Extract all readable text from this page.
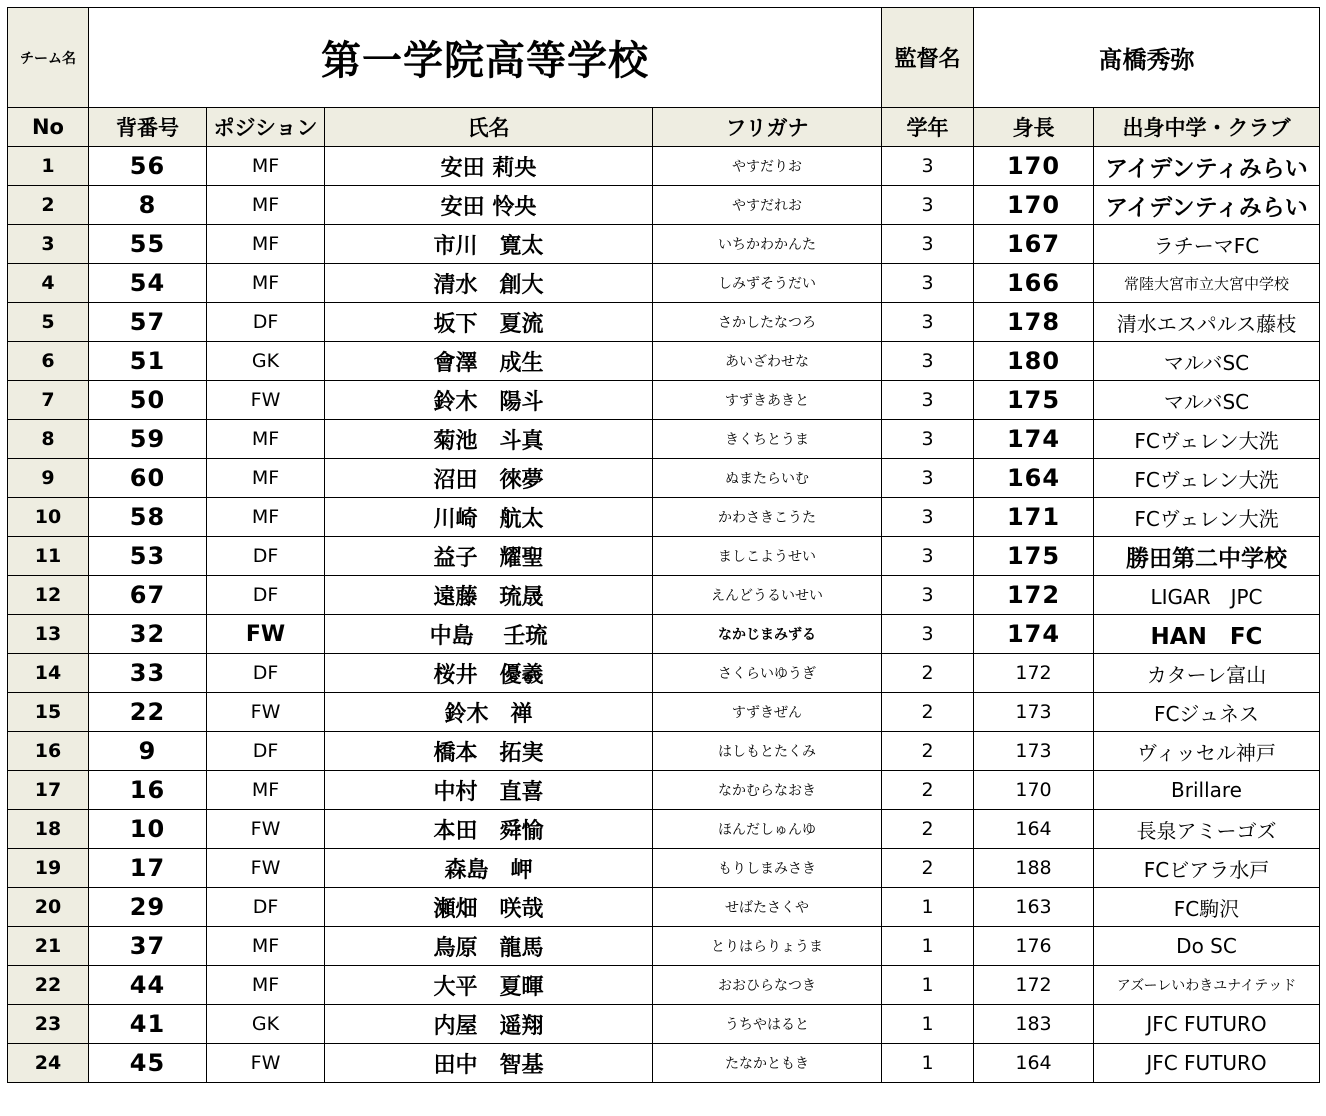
チーム名	第一学院高等学校				監督名	髙橋秀弥	
No	背番号	ポジション	氏名	フリガナ	学年	身長	出身中学・クラブ
1	56	MF	安田 莉央	やすだりお	3	170	アイデンティみらい
2	8	MF	安田 怜央	やすだれお	3	170	アイデンティみらい
3	55	MF	市川　寛太	いちかわかんた	3	167	ラチーマFC
4	54	MF	清水　創大	しみずそうだい	3	166	常陸大宮市立大宮中学校
5	57	DF	坂下　夏流	さかしたなつろ	3	178	清水エスパルス藤枝
6	51	GK	會澤　成生	あいざわせな	3	180	マルバSC
7	50	FW	鈴木　陽斗	すずきあきと	3	175	マルバSC
8	59	MF	菊池　斗真	きくちとうま	3	174	FCヴェレン大洗
9	60	MF	沼田　徠夢	ぬまたらいむ	3	164	FCヴェレン大洗
10	58	MF	川崎　航太	かわさきこうた	3	171	FCヴェレン大洗
11	53	DF	益子　耀聖	ましこようせい	3	175	勝田第二中学校
12	67	DF	遠藤　琉晟	えんどうるいせい	3	172	LIGAR　JPC
13	32	FW	中島　 壬琉	なかじまみずる	3	174	HAN　FC
14	33	DF	桜井　優羲	さくらいゆうぎ	2	172	カターレ富山
15	22	FW	鈴木　禅	すずきぜん	2	173	FCジュネス
16	9	DF	橋本　拓実	はしもとたくみ	2	173	ヴィッセル神戸
17	16	MF	中村　直喜	なかむらなおき	2	170	Brillare
18	10	FW	本田　舜愉	ほんだしゅんゆ	2	164	長泉アミーゴズ
19	17	FW	森島　岬	もりしまみさき	2	188	FCビアラ水戸
20	29	DF	瀬畑　咲哉	せばたさくや	1	163	FC駒沢
21	37	MF	鳥原　龍馬	とりはらりょうま	1	176	Do SC
22	44	MF	大平　夏暉	おおひらなつき	1	172	アズーレいわきユナイテッド
23	41	GK	内屋　遥翔	うちやはると	1	183	JFC FUTURO
24	45	FW	田中　智基	たなかともき	1	164	JFC FUTURO
